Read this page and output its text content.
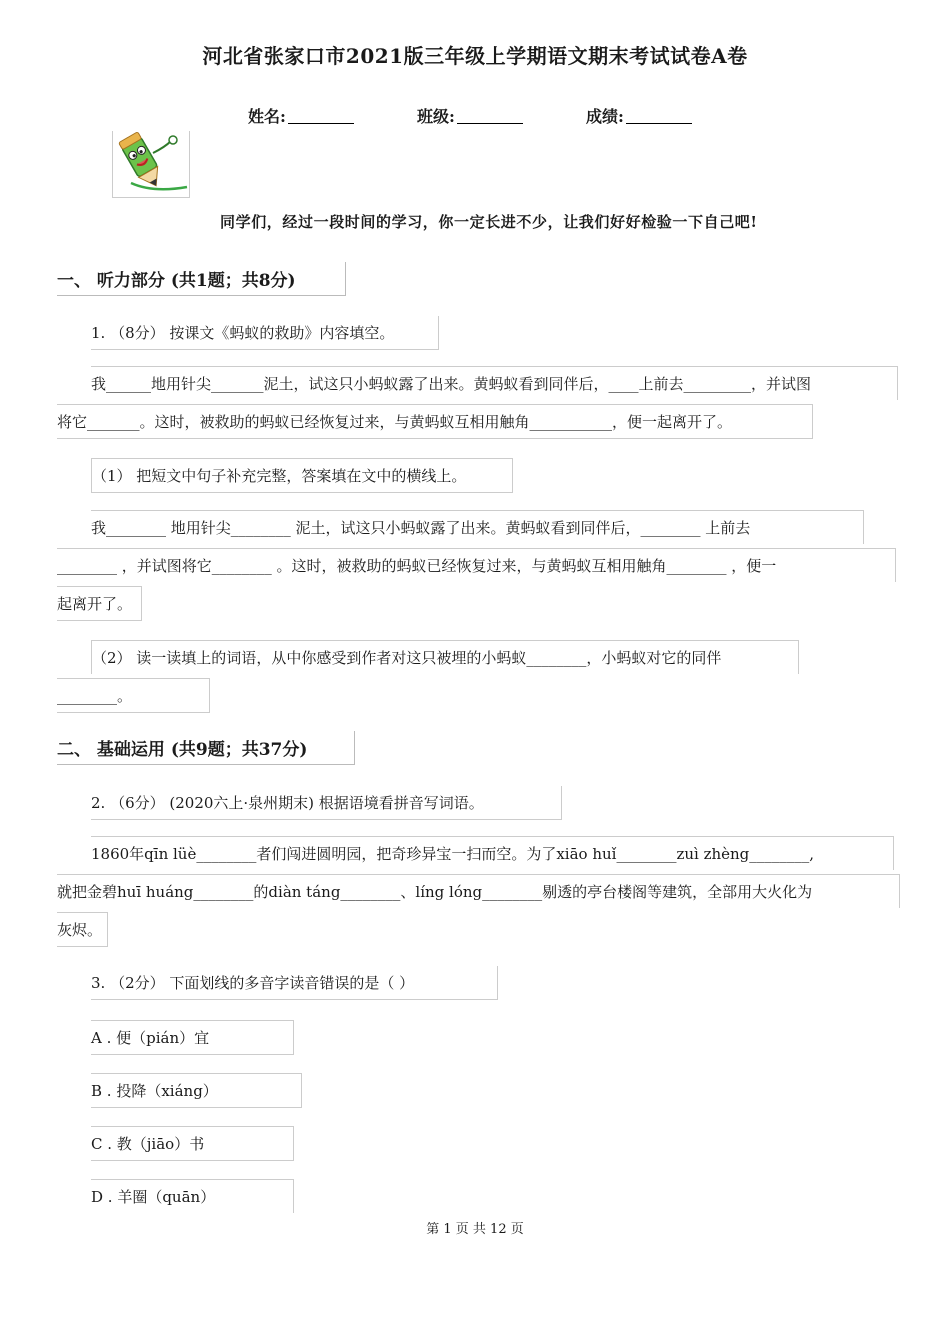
河北省张家口市2021版三年级上学期语文期末考试试卷A卷
姓名:	班级:	成绩:
同学们，经过一段时间的学习，你一定长进不少，让我们好好检验一下自己吧!
一、 听力部分 (共1题；共8分)
1. （8分） 按课文《蚂蚁的救助》内容填空。
我______地用针尖_______泥土，试这只小蚂蚁露了出来。黄蚂蚁看到同伴后，____上前去_________，并试图
将它_______。这时，被救助的蚂蚁已经恢复过来，与黄蚂蚁互相用触角___________，便一起离开了。
（1） 把短文中句子补充完整，答案填在文中的横线上。
我________ 地用针尖________ 泥土，试这只小蚂蚁露了出来。黄蚂蚁看到同伴后，________ 上前去
________ ，并试图将它________ 。这时，被救助的蚂蚁已经恢复过来，与黄蚂蚁互相用触角________ ，便一
起离开了。
（2） 读一读填上的词语，从中你感受到作者对这只被埋的小蚂蚁________，小蚂蚁对它的同伴
________。
二、 基础运用 (共9题；共37分)
2. （6分） (2020六上·泉州期末) 根据语境看拼音写词语。
1860年qīn lüè________者们闯进圆明园，把奇珍异宝一扫而空。为了xiāo huǐ________zuì zhèng________,
就把金碧huī huáng________的diàn táng________、líng lóng________剔透的亭台楼阁等建筑，全部用大火化为
灰烬。
3. （2分） 下面划线的多音字读音错误的是（ ）
A . 便（pián）宜
B . 投降（xiáng）
C . 教（jiāo）书
D . 羊圈（quān）
第 1 页 共 12 页
